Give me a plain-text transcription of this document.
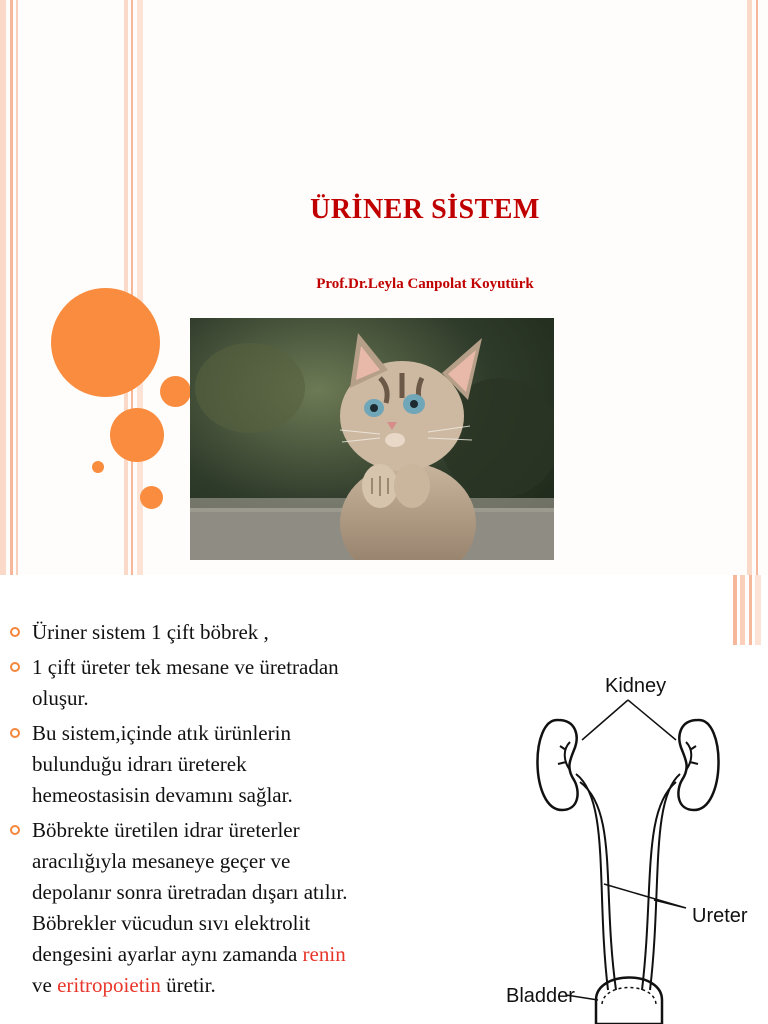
ÜRİNER SİSTEM
Prof.Dr.Leyla Canpolat Koyutürk
Üriner sistem 1 çift böbrek ,
1 çift üreter tek mesane ve üretradan oluşur.
Bu sistem,içinde atık ürünlerin bulunduğu idrarı üreterek hemeostasisin devamını sağlar.
Böbrekte üretilen idrar üreterler aracılığıyla mesaneye geçer ve depolanır sonra üretradan dışarı atılır. Böbrekler vücudun sıvı elektrolit dengesini ayarlar aynı zamanda renin ve eritropoietin üretir.
Kidney
Ureter
Bladder
